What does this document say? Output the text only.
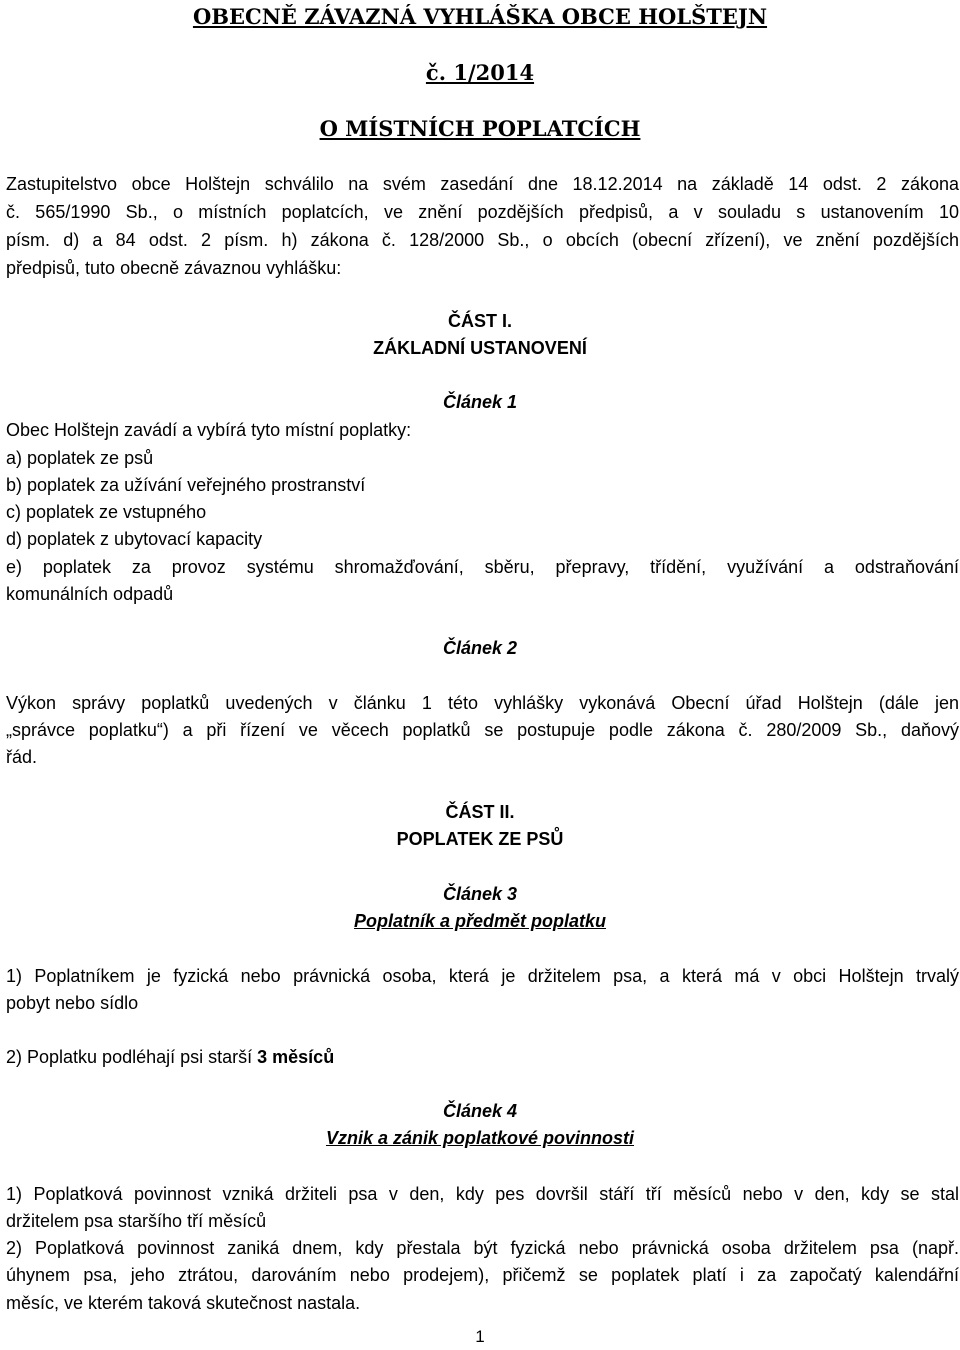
OBECNĚ ZÁVAZNÁ VYHLÁŠKA OBCE HOLŠTEJN
č. 1/2014
O MÍSTNÍCH POPLATCÍCH
Zastupitelstvo obce Holštejn schválilo na svém zasedání dne 18.12.2014 na základě 14 odst. 2 zákona
č. 565/1990 Sb., o místních poplatcích, ve znění pozdějších předpisů, a v souladu s ustanovením 10
písm. d) a 84 odst. 2 písm. h) zákona č. 128/2000 Sb., o obcích (obecní zřízení), ve znění pozdějších
předpisů, tuto obecně závaznou vyhlášku:
ČÁST I.
ZÁKLADNÍ USTANOVENÍ
Článek 1
Obec Holštejn zavádí a vybírá tyto místní poplatky:
a) poplatek ze psů
b) poplatek za užívání veřejného prostranství
c) poplatek ze vstupného
d) poplatek z ubytovací kapacity
e) poplatek za provoz systému shromažďování, sběru, přepravy, třídění, využívání a odstraňování
komunálních odpadů
Článek 2
Výkon správy poplatků uvedených v článku 1 této vyhlášky vykonává Obecní úřad Holštejn (dále jen
„správce poplatku“) a při řízení ve věcech poplatků se postupuje podle zákona č. 280/2009 Sb., daňový
řád.
ČÁST II.
POPLATEK ZE PSŮ
Článek 3
Poplatník a předmět poplatku
1) Poplatníkem je fyzická nebo právnická osoba, která je držitelem psa, a která má v obci Holštejn trvalý
pobyt nebo sídlo
2) Poplatku podléhají psi starší 3 měsíců
Článek 4
Vznik a zánik poplatkové povinnosti
1) Poplatková povinnost vzniká držiteli psa v den, kdy pes dovršil stáří tří měsíců nebo v den, kdy se stal
držitelem psa staršího tří měsíců
2) Poplatková povinnost zaniká dnem, kdy přestala být fyzická nebo právnická osoba držitelem psa (např.
úhynem psa, jeho ztrátou, darováním nebo prodejem), přičemž se poplatek platí i za započatý kalendářní
měsíc, ve kterém taková skutečnost nastala.
1
